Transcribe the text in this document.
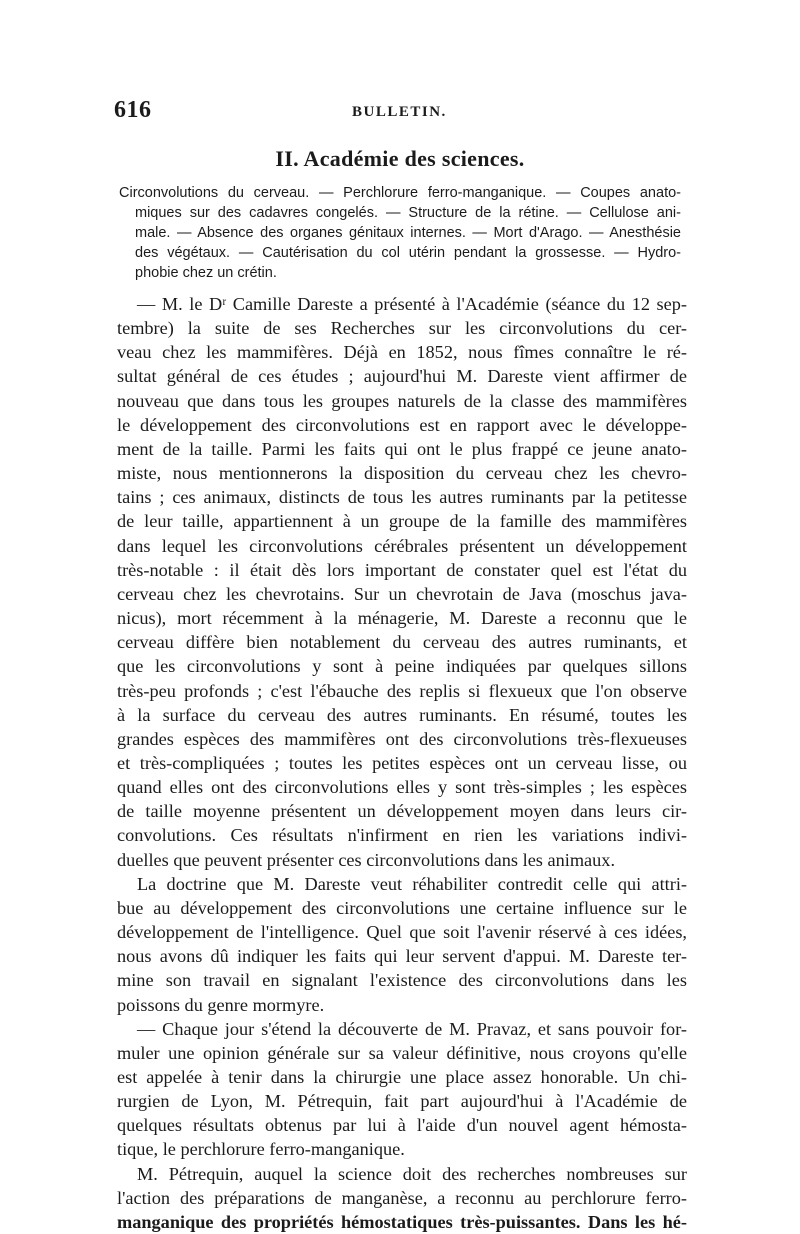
616	BULLETIN.
II. Académie des sciences.
Circonvolutions du cerveau. — Perchlorure ferro-manganique. — Coupes anato-
miques sur des cadavres congelés. — Structure de la rétine. — Cellulose ani-
male. — Absence des organes génitaux internes. — Mort d'Arago. — Anesthésie
des végétaux. — Cautérisation du col utérin pendant la grossesse. — Hydro-
phobie chez un crétin.
— M. le Dʳ Camille Dareste a présenté à l'Académie (séance du 12 sep-
tembre) la suite de ses Recherches sur les circonvolutions du cer-
veau chez les mammifères. Déjà en 1852, nous fîmes connaître le ré-
sultat général de ces études ; aujourd'hui M. Dareste vient affirmer de
nouveau que dans tous les groupes naturels de la classe des mammifères
le développement des circonvolutions est en rapport avec le développe-
ment de la taille. Parmi les faits qui ont le plus frappé ce jeune anato-
miste, nous mentionnerons la disposition du cerveau chez les chevro-
tains ; ces animaux, distincts de tous les autres ruminants par la petitesse
de leur taille, appartiennent à un groupe de la famille des mammifères
dans lequel les circonvolutions cérébrales présentent un développement
très-notable : il était dès lors important de constater quel est l'état du
cerveau chez les chevrotains. Sur un chevrotain de Java (moschus java-
nicus), mort récemment à la ménagerie, M. Dareste a reconnu que le
cerveau diffère bien notablement du cerveau des autres ruminants, et
que les circonvolutions y sont à peine indiquées par quelques sillons
très-peu profonds ; c'est l'ébauche des replis si flexueux que l'on observe
à la surface du cerveau des autres ruminants. En résumé, toutes les
grandes espèces des mammifères ont des circonvolutions très-flexueuses
et très-compliquées ; toutes les petites espèces ont un cerveau lisse, ou
quand elles ont des circonvolutions elles y sont très-simples ; les espèces
de taille moyenne présentent un développement moyen dans leurs cir-
convolutions. Ces résultats n'infirment en rien les variations indivi-
duelles que peuvent présenter ces circonvolutions dans les animaux.
La doctrine que M. Dareste veut réhabiliter contredit celle qui attri-
bue au développement des circonvolutions une certaine influence sur le
développement de l'intelligence. Quel que soit l'avenir réservé à ces idées,
nous avons dû indiquer les faits qui leur servent d'appui. M. Dareste ter-
mine son travail en signalant l'existence des circonvolutions dans les
poissons du genre mormyre.
— Chaque jour s'étend la découverte de M. Pravaz, et sans pouvoir for-
muler une opinion générale sur sa valeur définitive, nous croyons qu'elle
est appelée à tenir dans la chirurgie une place assez honorable. Un chi-
rurgien de Lyon, M. Pétrequin, fait part aujourd'hui à l'Académie de
quelques résultats obtenus par lui à l'aide d'un nouvel agent hémosta-
tique, le perchlorure ferro-manganique.
M. Pétrequin, auquel la science doit des recherches nombreuses sur
l'action des préparations de manganèse, a reconnu au perchlorure ferro-
manganique des propriétés hémostatiques très-puissantes. Dans les hé-
